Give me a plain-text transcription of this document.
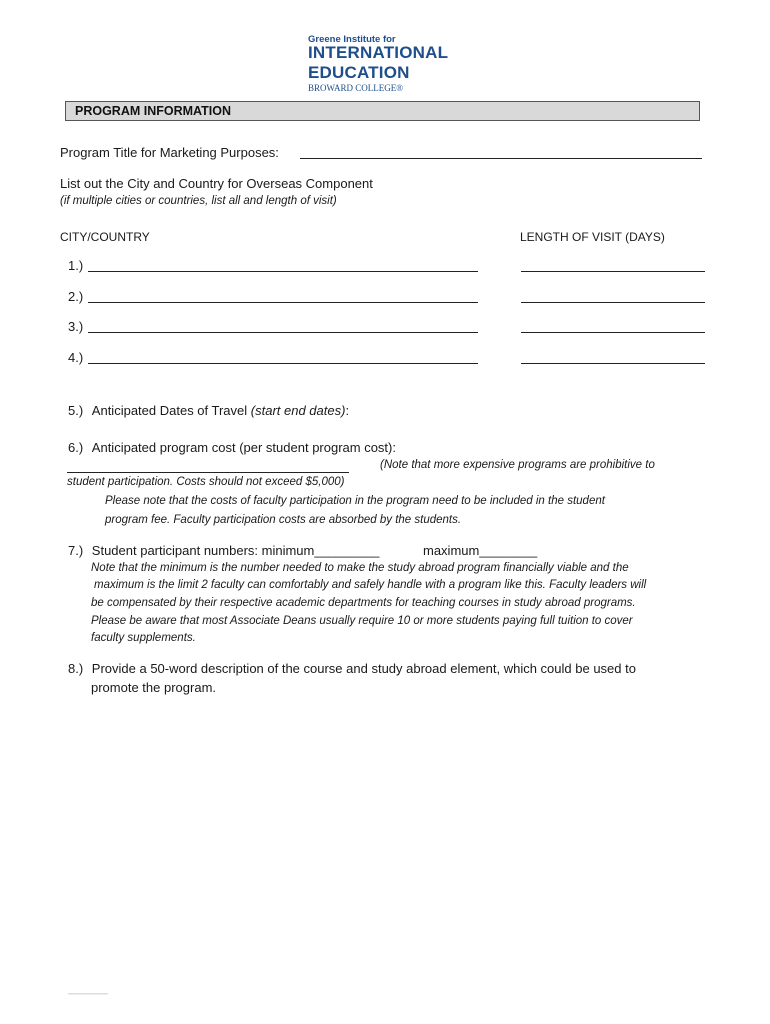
Greene Institute for
INTERNATIONAL
EDUCATION
BROWARD COLLEGE®
PROGRAM INFORMATION
Program Title for Marketing Purposes:
List out the City and Country for Overseas Component
(if multiple cities or countries, list all and length of visit)
CITY/COUNTRY	LENGTH OF VISIT (DAYS)
1.)
2.)
3.)
4.)
5.) Anticipated Dates of Travel (start end dates):
6.) Anticipated program cost (per student program cost):
(Note that more expensive programs are prohibitive to
student participation. Costs should not exceed $5,000)
Please note that the costs of faculty participation in the program need to be included in the student
program fee. Faculty participation costs are absorbed by the students.
7.) Student participant numbers: minimum_________	maximum________
Note that the minimum is the number needed to make the study abroad program financially viable and the
maximum is the limit 2 faculty can comfortably and safely handle with a program like this. Faculty leaders will
be compensated by their respective academic departments for teaching courses in study abroad programs.
Please be aware that most Associate Deans usually require 10 or more students paying full tuition to cover
faculty supplements.
8.) Provide a 50-word description of the course and study abroad element, which could be used to
promote the program.
